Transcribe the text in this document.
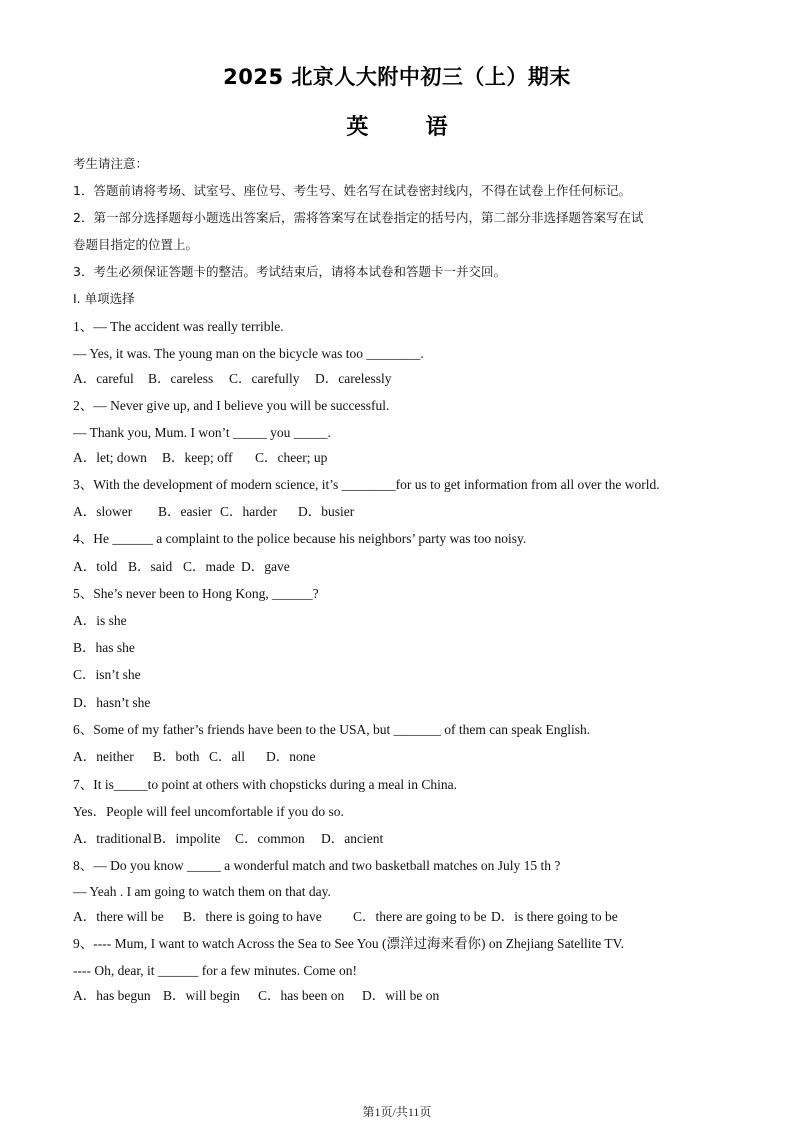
2025 北京人大附中初三（上）期末
英	语
考生请注意：
1．答题前请将考场、试室号、座位号、考生号、姓名写在试卷密封线内，不得在试卷上作任何标记。
2．第一部分选择题每小题选出答案后，需将答案写在试卷指定的括号内，第二部分非选择题答案写在试
卷题目指定的位置上。
3．考生必须保证答题卡的整洁。考试结束后，请将本试卷和答题卡一并交回。
I. 单项选择
1、— The accident was really terrible.
— Yes, it was. The young man on the bicycle was too ________.
A．careful B．careless C．carefully D．carelessly
2、— Never give up, and I believe you will be successful.
— Thank you, Mum. I won’t _____ you _____.
A．let; down B．keep; off C．cheer; up
3、With the development of modern science, it’s ________for us to get information from all over the world.
A．slower B．easier C．harder D．busier
4、He ______ a complaint to the police because his neighbors’ party was too noisy.
A．told B．said C．made D．gave
5、She’s never been to Hong Kong, ______?
A．is she
B．has she
C．isn’t she
D．hasn’t she
6、Some of my father’s friends have been to the USA, but _______ of them can speak English.
A．neither B．both C．all D．none
7、It is_____to point at others with chopsticks during a meal in China.
Yes．People will feel uncomfortable if you do so.
A．traditionalB．impolite C．common D．ancient
8、— Do you know _____ a wonderful match and two basketball matches on July 15 th ?
— Yeah . I am going to watch them on that day.
A．there will be B．there is going to have C．there are going to be D．is there going to be
9、---- Mum, I want to watch Across the Sea to See You (漂洋过海来看你) on Zhejiang Satellite TV.
---- Oh, dear, it ______ for a few minutes. Come on!
A．has begun B．will begin C．has been on D．will be on
第1页/共11页
